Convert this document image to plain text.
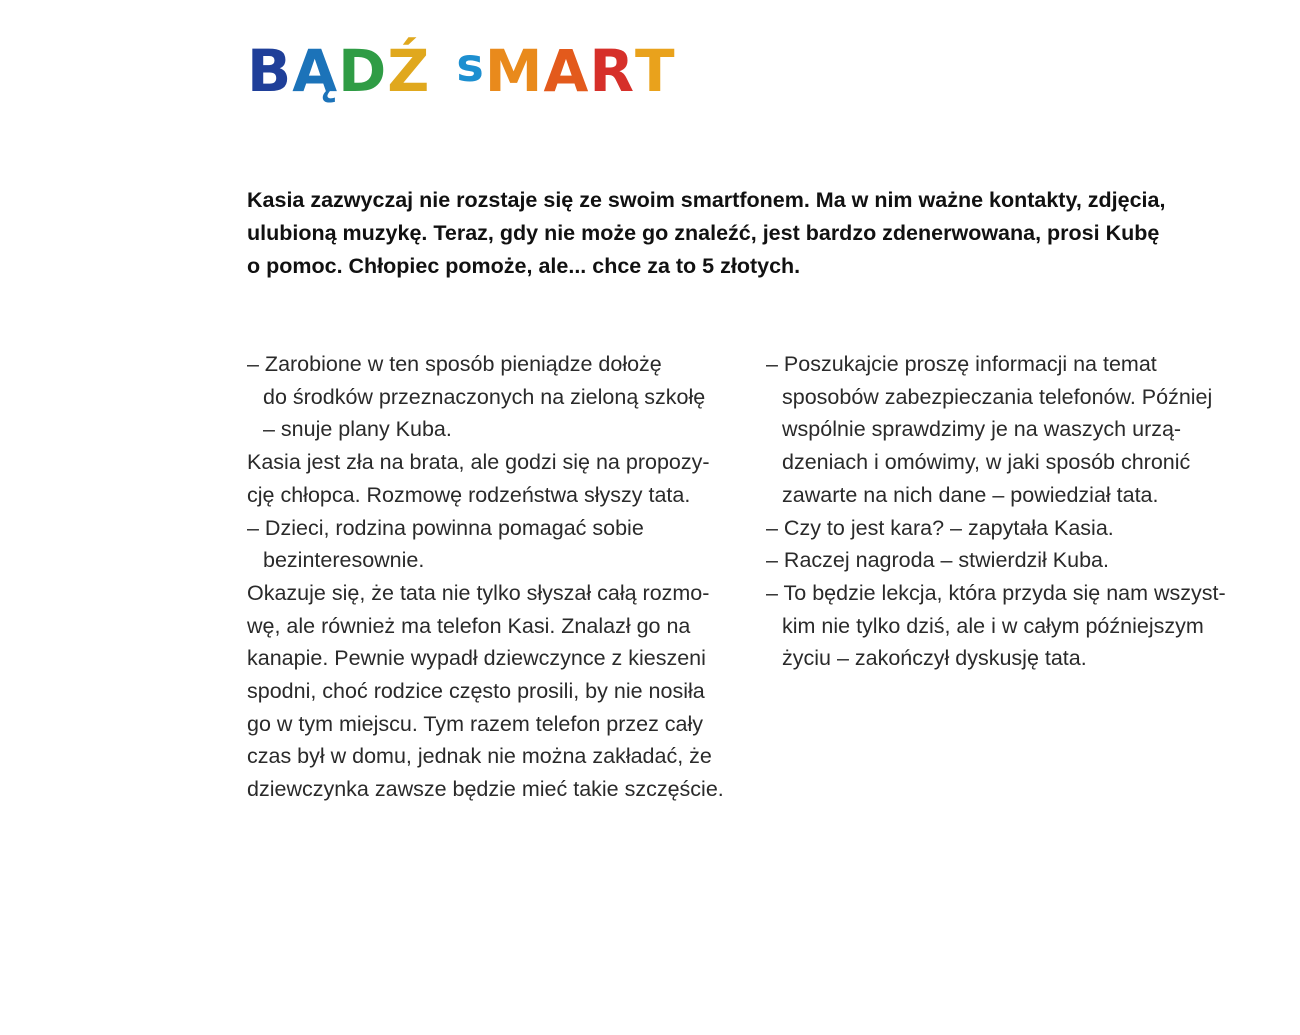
B Ą D Ź s M A R T

Kasia zazwyczaj nie rozstaje się ze swoim smartfonem. Ma w nim ważne kontakty, zdjęcia,
ulubioną muzykę. Teraz, gdy nie może go znaleźć, jest bardzo zdenerwowana, prosi Kubę
o pomoc. Chłopiec pomoże, ale... chce za to 5 złotych.

– Zarobione w ten sposób pieniądze dołożę
do środków przeznaczonych na zieloną szkołę
– snuje plany Kuba.
Kasia jest zła na brata, ale godzi się na propozy-
cję chłopca. Rozmowę rodzeństwa słyszy tata.
– Dzieci, rodzina powinna pomagać sobie
bezinteresownie.
Okazuje się, że tata nie tylko słyszał całą rozmo-
wę, ale również ma telefon Kasi. Znalazł go na
kanapie. Pewnie wypadł dziewczynce z kieszeni
spodni, choć rodzice często prosili, by nie nosiła
go w tym miejscu. Tym razem telefon przez cały
czas był w domu, jednak nie można zakładać, że
dziewczynka zawsze będzie mieć takie szczęście.
– Poszukajcie proszę informacji na temat
sposobów zabezpieczania telefonów. Później
wspólnie sprawdzimy je na waszych urzą-
dzeniach i omówimy, w jaki sposób chronić
zawarte na nich dane – powiedział tata.
– Czy to jest kara? – zapytała Kasia.
– Raczej nagroda – stwierdził Kuba.
– To będzie lekcja, która przyda się nam wszyst-
kim nie tylko dziś, ale i w całym późniejszym
życiu – zakończył dyskusję tata.
